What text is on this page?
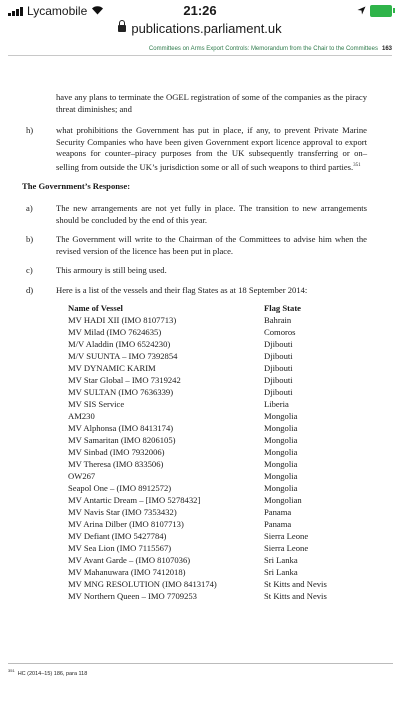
Lycamobile	21:26
publications.parliament.uk
Committees on Arms Export Controls: Memorandum from the Chair to the Committees 163
have any plans to terminate the OGEL registration of some of the companies as the piracy threat diminishes; and
h)	what prohibitions the Government has put in place, if any, to prevent Private Marine Security Companies who have been given Government export licence approval to export weapons for counter–piracy purposes from the UK subsequently transferring or on–selling from outside the UK’s jurisdiction some or all of such weapons to third parties.$^{351}$
The Government’s Response:
a)	The new arrangements are not yet fully in place. The transition to new arrangements should be concluded by the end of this year.
b)	The Government will write to the Chairman of the Committees to advise him when the revised version of the licence has been put in place.
c)	This armoury is still being used.
d)	Here is a list of the vessels and their flag States as at 18 September 2014:
Name of Vessel	Flag State
MV HADI XII (IMO 8107713)	Bahrain
MV Milad (IMO 7624635)	Comoros
M/V Aladdin (IMO 6524230)	Djibouti
M/V SUUNTA – IMO 7392854	Djibouti
MV DYNAMIC KARIM	Djibouti
MV Star Global – IMO 7319242	Djibouti
MV SULTAN (IMO 7636339)	Djibouti
MV SIS Service	Liberia
AM230	Mongolia
MV Alphonsa (IMO 8413174)	Mongolia
MV Samaritan (IMO 8206105)	Mongolia
MV Sinbad (IMO 7932006)	Mongolia
MV Theresa (IMO 833506)	Mongolia
OW267	Mongolia
Seapol One – (IMO 8912572)	Mongolia
MV Antartic Dream – [IMO 5278432]	Mongolian
MV Navis Star (IMO 7353432)	Panama
MV Arina Dilber (IMO 8107713)	Panama
MV Defiant (IMO 5427784)	Sierra Leone
MV Sea Lion (IMO 7115567)	Sierra Leone
MV Avant Garde – (IMO 8107036)	Sri Lanka
MV Mahanuwara (IMO 7412018)	Sri Lanka
MV MNG RESOLUTION (IMO 8413174)	St Kitts and Nevis
MV Northern Queen – IMO 7709253	St Kitts and Nevis
$^{351}$HC (2014–15) 186, para 118
